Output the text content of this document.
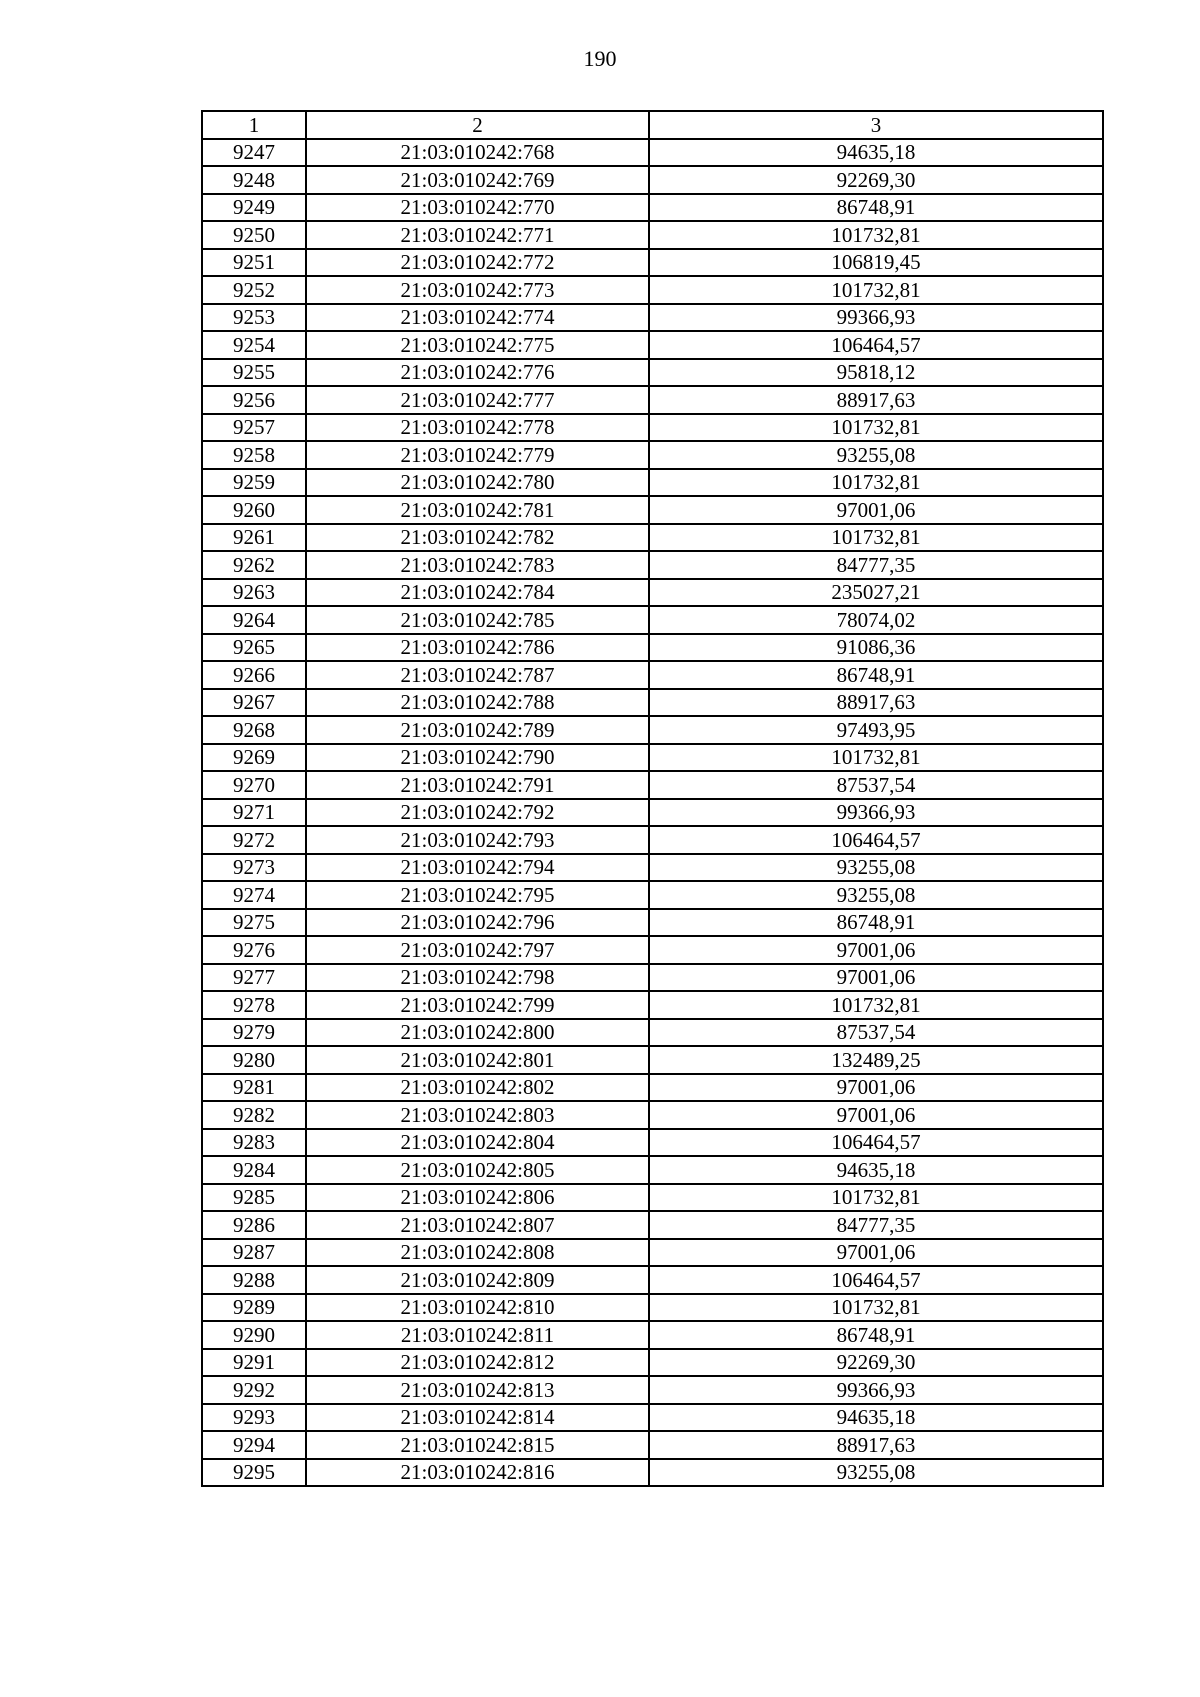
190
1	2	3
9247	21:03:010242:768	94635,18
9248	21:03:010242:769	92269,30
9249	21:03:010242:770	86748,91
9250	21:03:010242:771	101732,81
9251	21:03:010242:772	106819,45
9252	21:03:010242:773	101732,81
9253	21:03:010242:774	99366,93
9254	21:03:010242:775	106464,57
9255	21:03:010242:776	95818,12
9256	21:03:010242:777	88917,63
9257	21:03:010242:778	101732,81
9258	21:03:010242:779	93255,08
9259	21:03:010242:780	101732,81
9260	21:03:010242:781	97001,06
9261	21:03:010242:782	101732,81
9262	21:03:010242:783	84777,35
9263	21:03:010242:784	235027,21
9264	21:03:010242:785	78074,02
9265	21:03:010242:786	91086,36
9266	21:03:010242:787	86748,91
9267	21:03:010242:788	88917,63
9268	21:03:010242:789	97493,95
9269	21:03:010242:790	101732,81
9270	21:03:010242:791	87537,54
9271	21:03:010242:792	99366,93
9272	21:03:010242:793	106464,57
9273	21:03:010242:794	93255,08
9274	21:03:010242:795	93255,08
9275	21:03:010242:796	86748,91
9276	21:03:010242:797	97001,06
9277	21:03:010242:798	97001,06
9278	21:03:010242:799	101732,81
9279	21:03:010242:800	87537,54
9280	21:03:010242:801	132489,25
9281	21:03:010242:802	97001,06
9282	21:03:010242:803	97001,06
9283	21:03:010242:804	106464,57
9284	21:03:010242:805	94635,18
9285	21:03:010242:806	101732,81
9286	21:03:010242:807	84777,35
9287	21:03:010242:808	97001,06
9288	21:03:010242:809	106464,57
9289	21:03:010242:810	101732,81
9290	21:03:010242:811	86748,91
9291	21:03:010242:812	92269,30
9292	21:03:010242:813	99366,93
9293	21:03:010242:814	94635,18
9294	21:03:010242:815	88917,63
9295	21:03:010242:816	93255,08
